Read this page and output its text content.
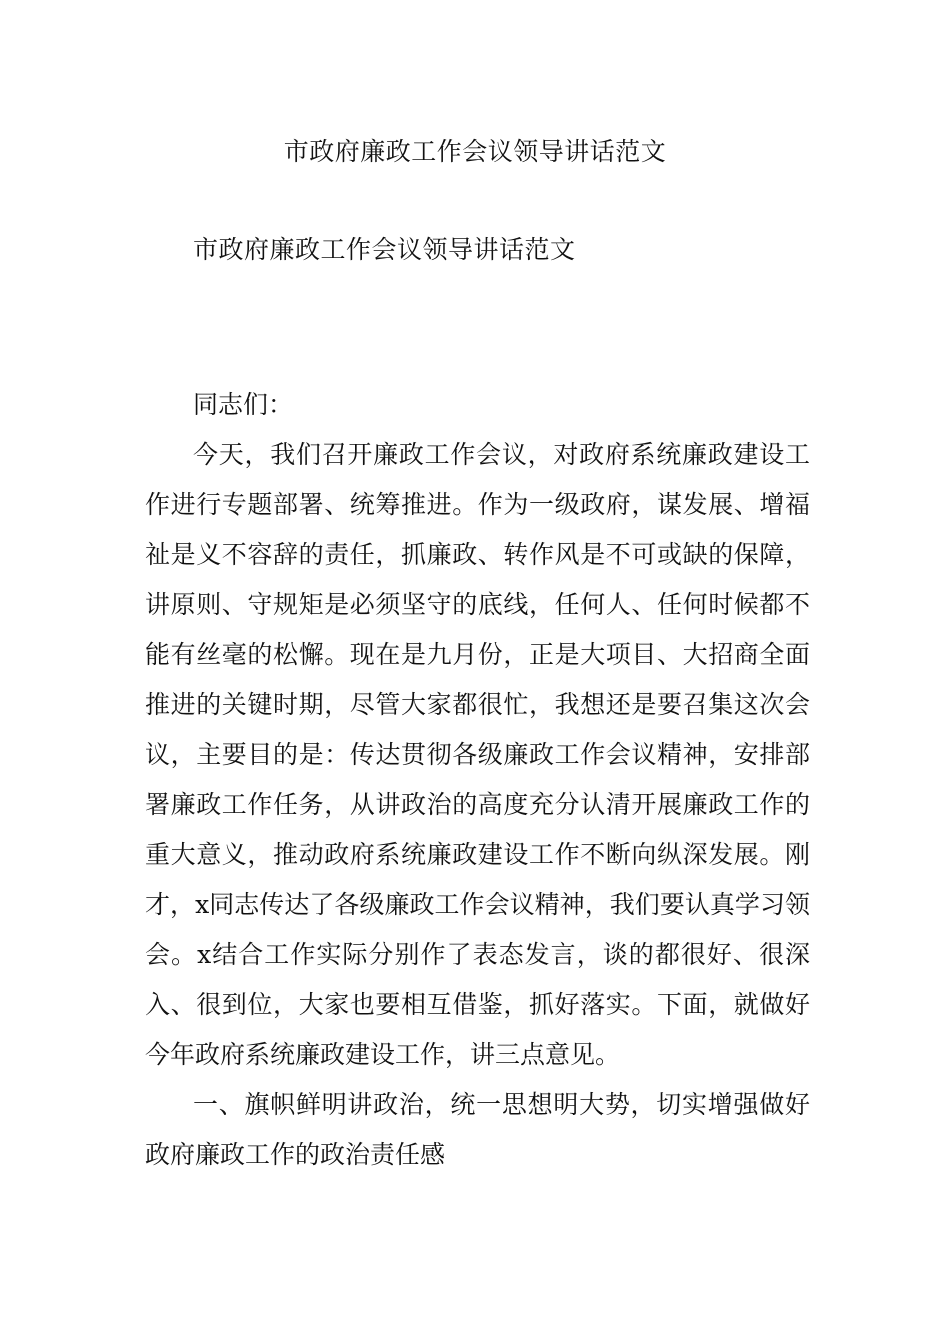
市政府廉政工作会议领导讲话范文
市政府廉政工作会议领导讲话范文

同志们：

今天，我们召开廉政工作会议，对政府系统廉政建设工作进行专题部署、统筹推进。作为一级政府，谋发展、增福祉是义不容辞的责任，抓廉政、转作风是不可或缺的保障，讲原则、守规矩是必须坚守的底线，任何人、任何时候都不能有丝毫的松懈。现在是九月份，正是大项目、大招商全面推进的关键时期，尽管大家都很忙，我想还是要召集这次会议，主要目的是：传达贯彻各级廉政工作会议精神，安排部署廉政工作任务，从讲政治的高度充分认清开展廉政工作的重大意义，推动政府系统廉政建设工作不断向纵深发展。刚才，x同志传达了各级廉政工作会议精神，我们要认真学习领会。x结合工作实际分别作了表态发言，谈的都很好、很深入、很到位，大家也要相互借鉴，抓好落实。下面，就做好今年政府系统廉政建设工作，讲三点意见。

一、旗帜鲜明讲政治，统一思想明大势，切实增强做好政府廉政工作的政治责任感
